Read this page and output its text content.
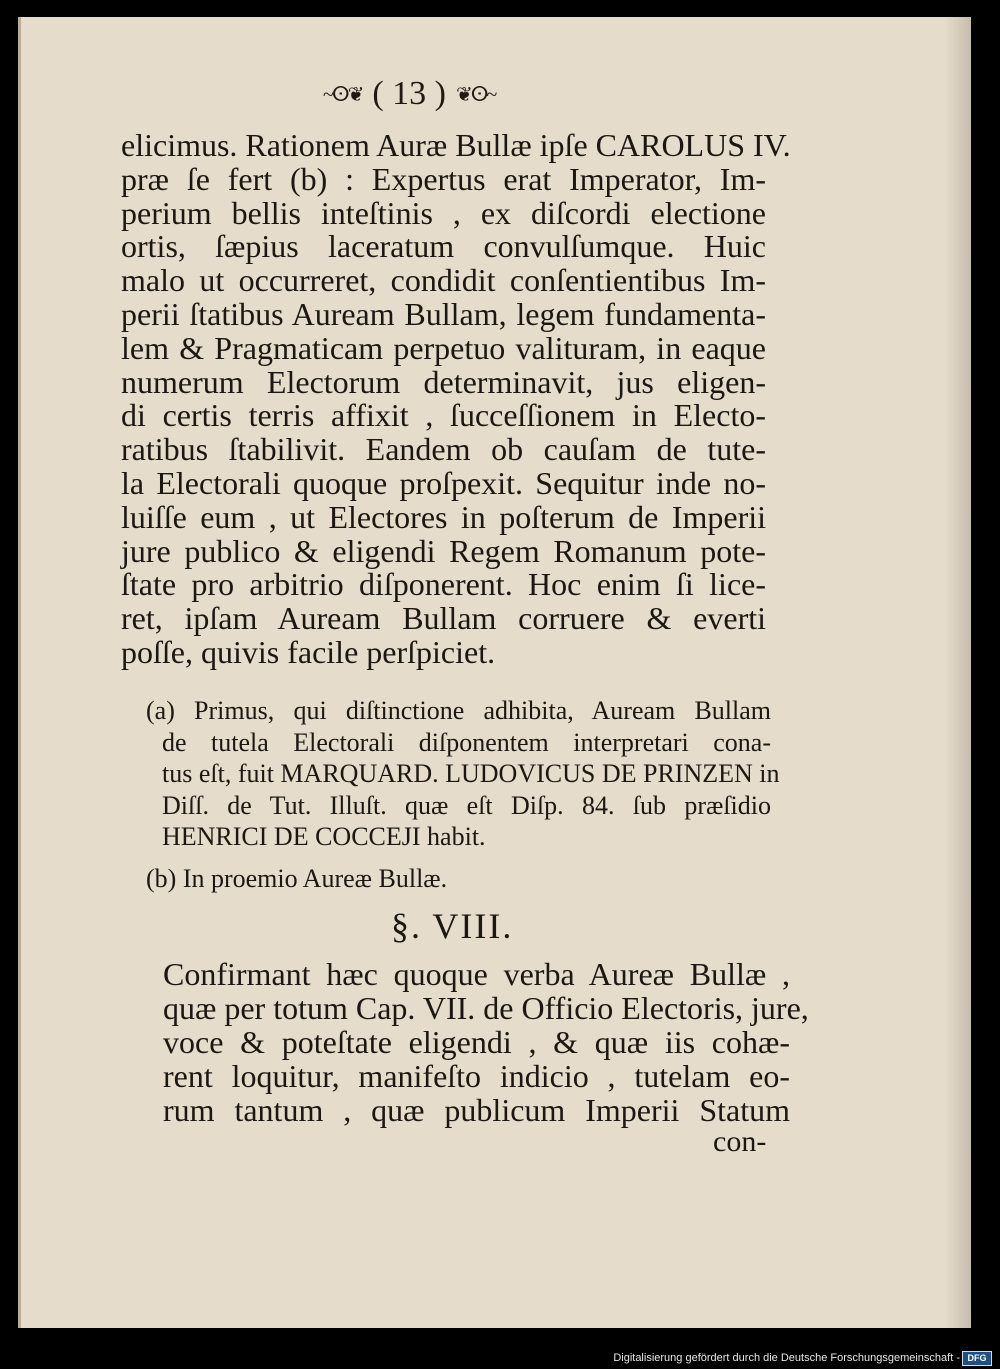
~ⵙ❦ ( 13 ) ❦ⵙ~
elicimus. Rationem Auræ Bullæ ipſe CAROLUS IV.
præ ſe fert (b) : Expertus erat Imperator, Im-
perium bellis inteſtinis , ex diſcordi electione
ortis, ſæpius laceratum convulſumque. Huic
malo ut occurreret, condidit conſentientibus Im-
perii ſtatibus Auream Bullam, legem fundamenta-
lem & Pragmaticam perpetuo valituram, in eaque
numerum Electorum determinavit, jus eligen-
di certis terris affixit , ſucceſſionem in Electo-
ratibus ſtabilivit. Eandem ob cauſam de tute-
la Electorali quoque proſpexit. Sequitur inde no-
luiſſe eum , ut Electores in poſterum de Imperii
jure publico & eligendi Regem Romanum pote-
ſtate pro arbitrio diſponerent. Hoc enim ſi lice-
ret, ipſam Auream Bullam corruere & everti
poſſe, quivis facile perſpiciet.
(a) Primus, qui diſtinctione adhibita, Auream Bullam
de tutela Electorali diſponentem interpretari cona-
tus eſt, fuit MARQUARD. LUDOVICUS DE PRINZEN in
Diſſ. de Tut. Illuſt. quæ eſt Diſp. 84. ſub præſidio
HENRICI DE COCCEJI habit.
(b) In proemio Aureæ Bullæ.
§. VIII.
Confirmant hæc quoque verba Aureæ Bullæ ,
quæ per totum Cap. VII. de Officio Electoris, jure,
voce & poteſtate eligendi , & quæ iis cohæ-
rent loquitur, manifeſto indicio , tutelam eo-
rum tantum , quæ publicum Imperii Statum
con-
Digitalisierung gefördert durch die Deutsche Forschungsgemeinschaft - DFG
